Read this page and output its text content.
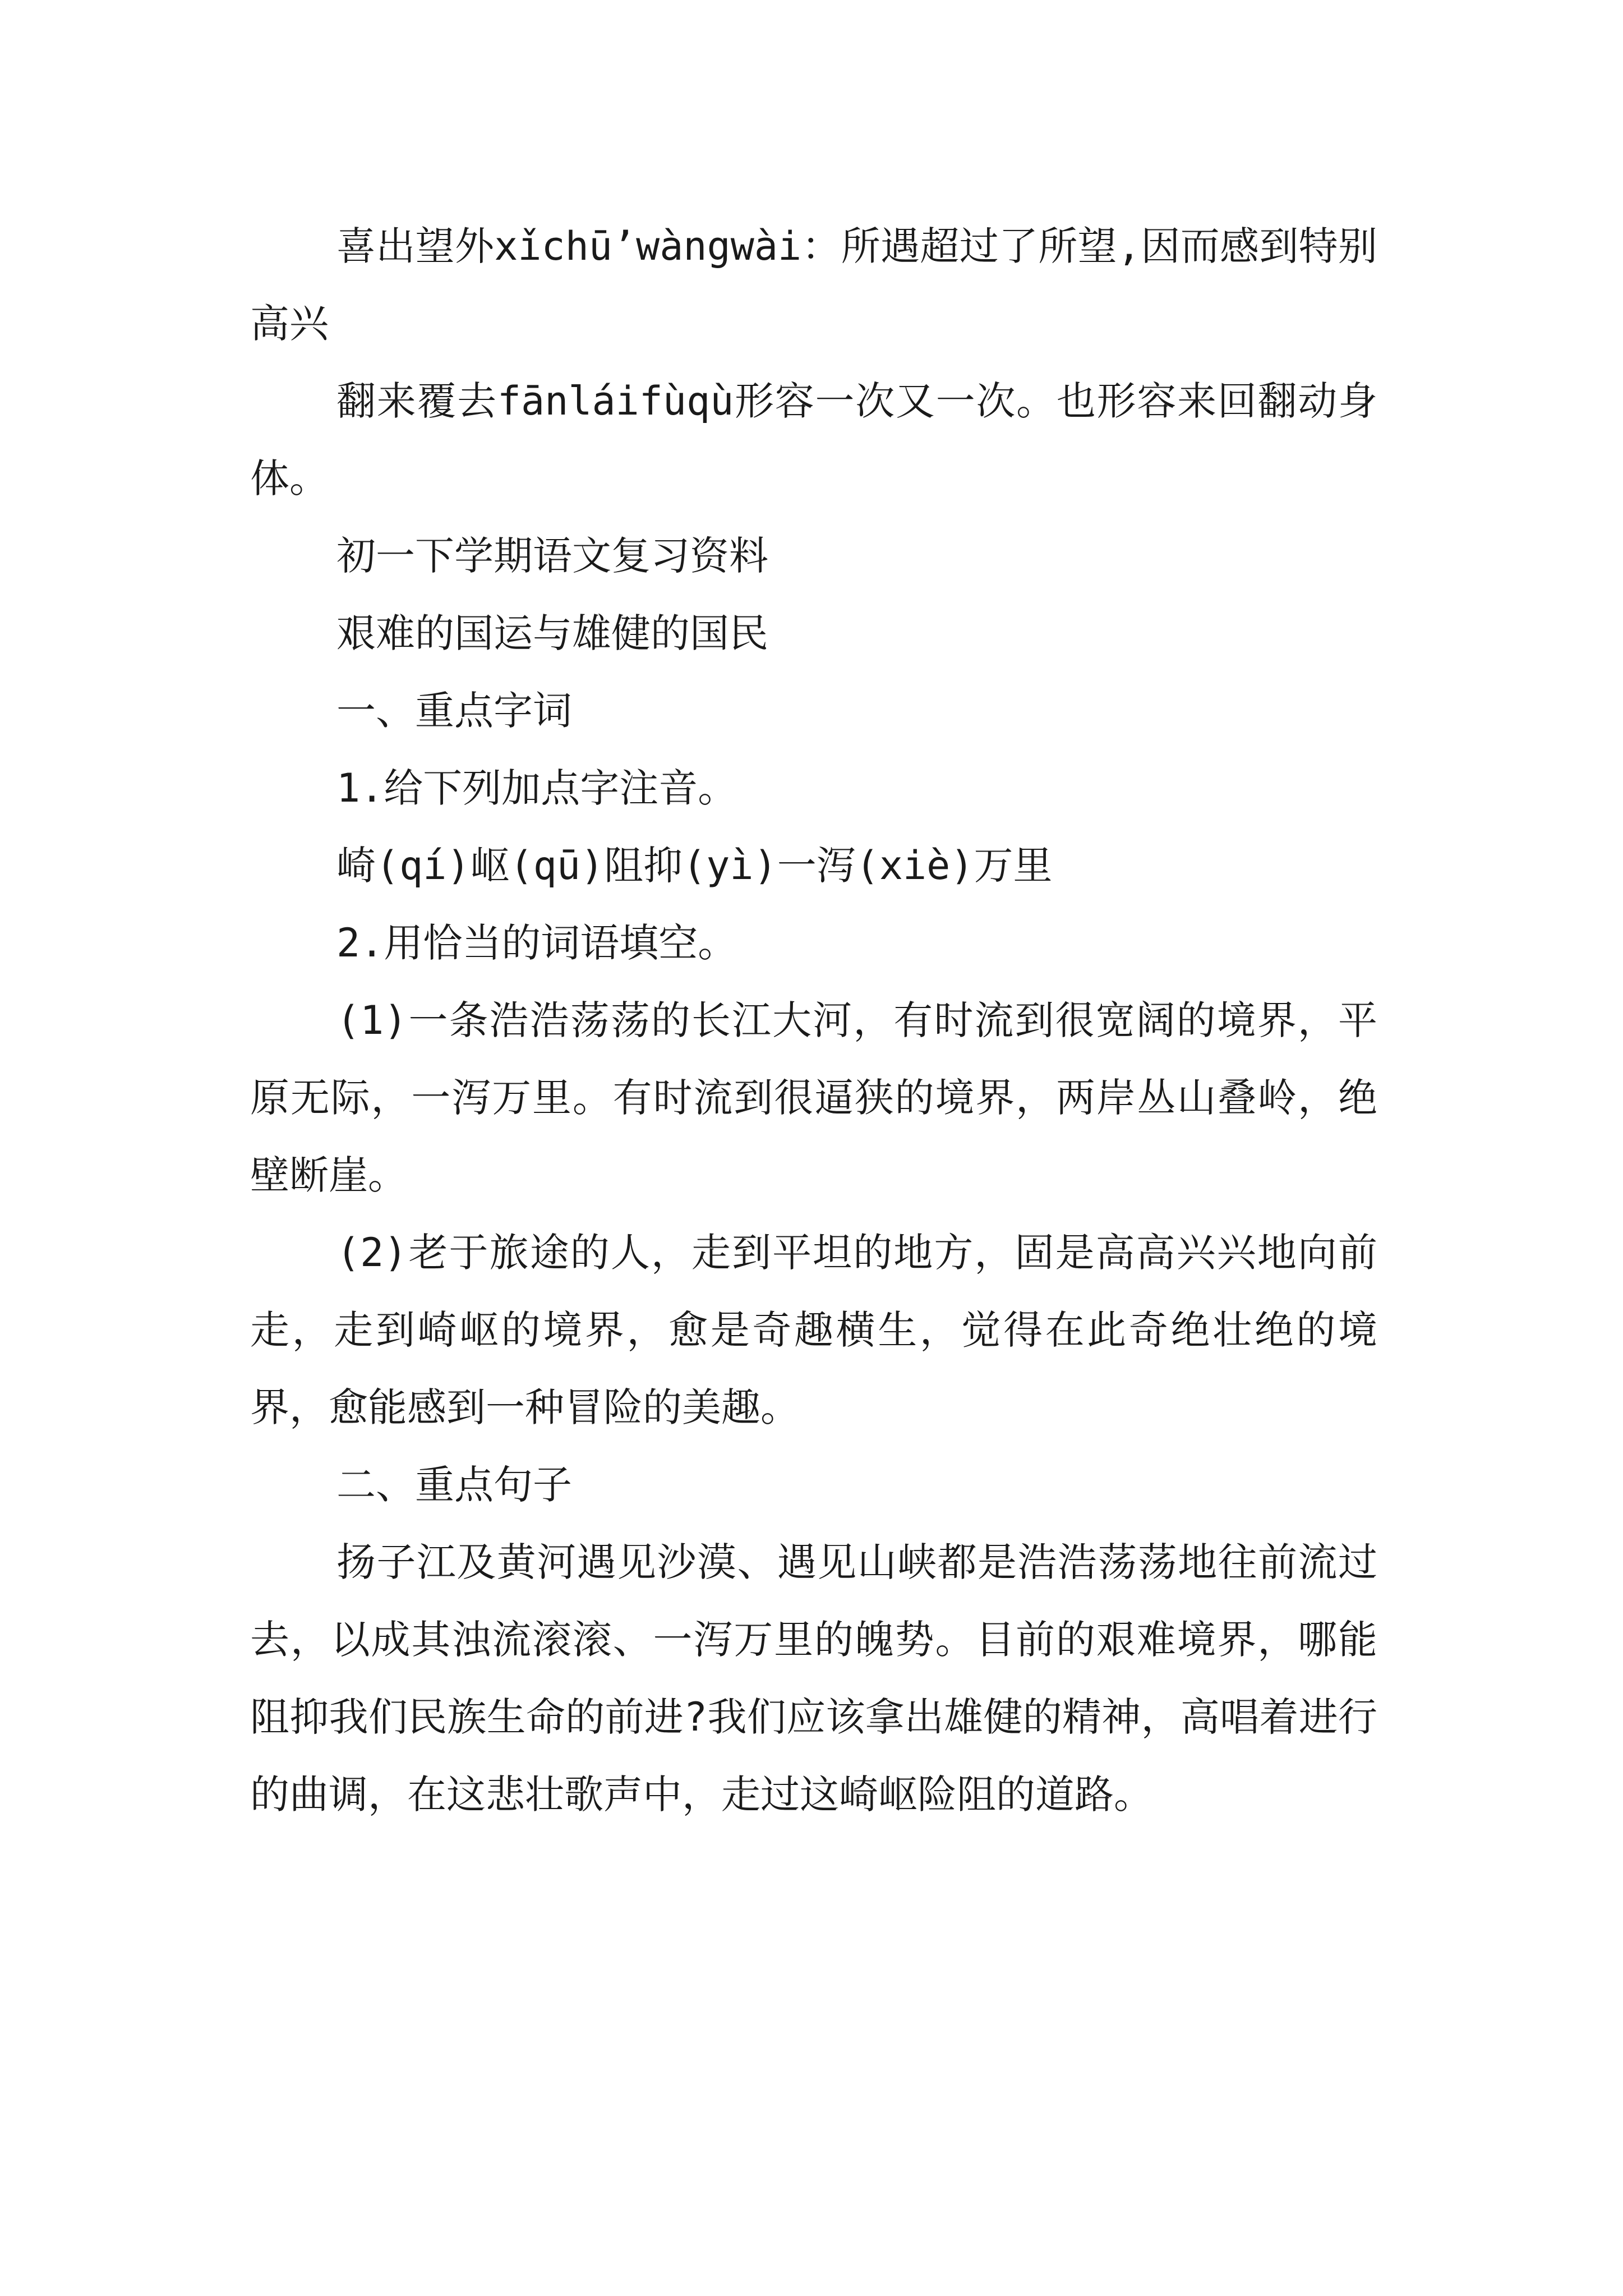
喜出望外xǐchū’wàngwài：所遇超过了所望,因而感到特别高兴

翻来覆去fānláifùqù形容一次又一次。也形容来回翻动身体。

初一下学期语文复习资料

艰难的国运与雄健的国民

一、重点字词

1.给下列加点字注音。

崎(qí)岖(qū)阻抑(yì)一泻(xiè)万里

2.用恰当的词语填空。

(1)一条浩浩荡荡的长江大河，有时流到很宽阔的境界，平原无际，一泻万里。有时流到很逼狭的境界，两岸丛山叠岭，绝壁断崖。

(2)老于旅途的人，走到平坦的地方，固是高高兴兴地向前走，走到崎岖的境界，愈是奇趣横生，觉得在此奇绝壮绝的境界，愈能感到一种冒险的美趣。

二、重点句子

扬子江及黄河遇见沙漠、遇见山峡都是浩浩荡荡地往前流过去，以成其浊流滚滚、一泻万里的魄势。目前的艰难境界，哪能阻抑我们民族生命的前进?我们应该拿出雄健的精神，高唱着进行的曲调，在这悲壮歌声中，走过这崎岖险阻的道路。
